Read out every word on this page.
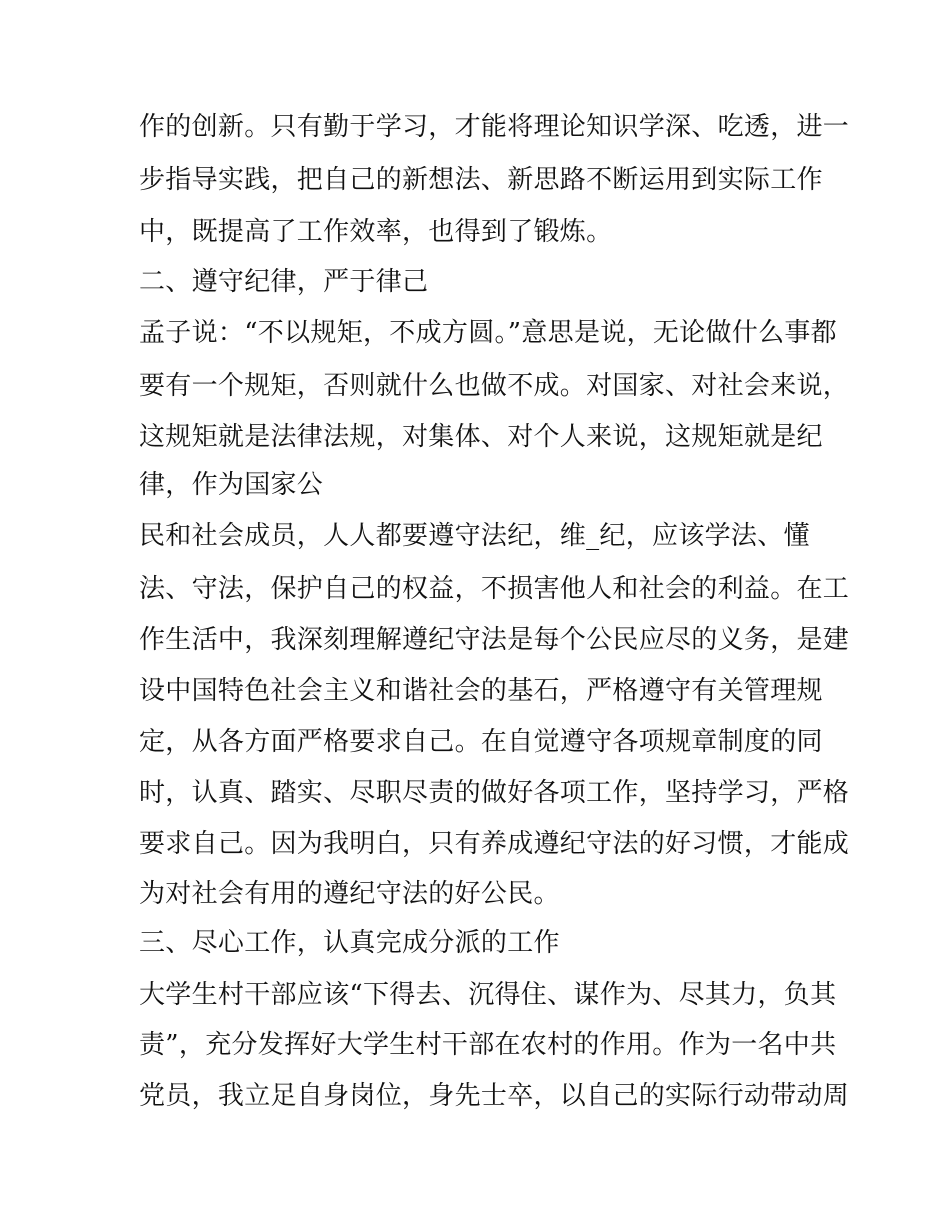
作的创新。只有勤于学习，才能将理论知识学深、吃透，进一
步指导实践，把自己的新想法、新思路不断运用到实际工作
中，既提高了工作效率，也得到了锻炼。
二、遵守纪律，严于律己
孟子说：“不以规矩，不成方圆。”意思是说，无论做什么事都
要有一个规矩，否则就什么也做不成。对国家、对社会来说，
这规矩就是法律法规，对集体、对个人来说，这规矩就是纪
律，作为国家公
民和社会成员，人人都要遵守法纪，维_纪，应该学法、懂
法、守法，保护自己的权益，不损害他人和社会的利益。在工
作生活中，我深刻理解遵纪守法是每个公民应尽的义务，是建
设中国特色社会主义和谐社会的基石，严格遵守有关管理规
定，从各方面严格要求自己。在自觉遵守各项规章制度的同
时，认真、踏实、尽职尽责的做好各项工作，坚持学习，严格
要求自己。因为我明白，只有养成遵纪守法的好习惯，才能成
为对社会有用的遵纪守法的好公民。
三、尽心工作，认真完成分派的工作
大学生村干部应该“下得去、沉得住、谋作为、尽其力，负其
责”，充分发挥好大学生村干部在农村的作用。作为一名中共
党员，我立足自身岗位，身先士卒，以自己的实际行动带动周
